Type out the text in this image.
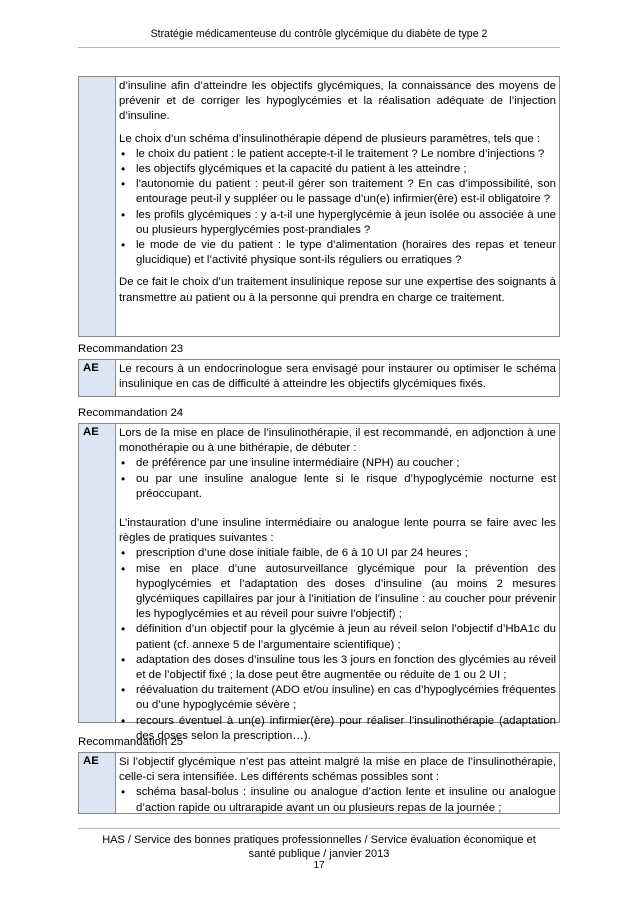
Stratégie médicamenteuse du contrôle glycémique du diabète de type 2

d’insuline afin d’atteindre les objectifs glycémiques, la connaissance des moyens de prévenir et de corriger les hypoglycémies et la réalisation adéquate de l’injection d’insuline.

Le choix d’un schéma d’insulinothérapie dépend de plusieurs paramètres, tels que :

• le choix du patient : le patient accepte-t-il le traitement ? Le nombre d’injections ?
• les objectifs glycémiques et la capacité du patient à les atteindre ;
• l’autonomie du patient : peut-il gérer son traitement ? En cas d’impossibilité, son entourage peut-il y suppléer ou le passage d’un(e) infirmier(ère) est-il obligatoire ?
• les profils glycémiques : y a-t-il une hyperglycémie à jeun isolée ou associée à une ou plusieurs hyperglycémies post-prandiales ?
• le mode de vie du patient : le type d’alimentation (horaires des repas et teneur glucidique) et l’activité physique sont-ils réguliers ou erratiques ?

De ce fait le choix d’un traitement insulinique repose sur une expertise des soignants à transmettre au patient ou à la personne qui prendra en charge ce traitement.

Recommandation 23
AE Le recours à un endocrinologue sera envisagé pour instaurer ou optimiser le schéma insulinique en cas de difficulté à atteindre les objectifs glycémiques fixés.

Recommandation 24
AE Lors de la mise en place de l’insulinothérapie, il est recommandé, en adjonction à une monothérapie ou à une bithérapie, de débuter :

• de préférence par une insuline intermédiaire (NPH) au coucher ;
• ou par une insuline analogue lente si le risque d’hypoglycémie nocturne est préoccupant.

L’instauration d’une insuline intermédiaire ou analogue lente pourra se faire avec les règles de pratiques suivantes :

• prescription d’une dose initiale faible, de 6 à 10 UI par 24 heures ;
• mise en place d’une autosurveillance glycémique pour la prévention des hypoglycémies et l’adaptation des doses d’insuline (au moins 2 mesures glycémiques capillaires par jour à l’initiation de l’insuline : au coucher pour prévenir les hypoglycémies et au réveil pour suivre l’objectif) ;
• définition d’un objectif pour la glycémie à jeun au réveil selon l’objectif d’HbA1c du patient (cf. annexe 5 de l’argumentaire scientifique) ;
• adaptation des doses d’insuline tous les 3 jours en fonction des glycémies au réveil et de l’objectif fixé ; la dose peut être augmentée ou réduite de 1 ou 2 UI ;
• réévaluation du traitement (ADO et/ou insuline) en cas d’hypoglycémies fréquentes ou d’une hypoglycémie sévère ;
• recours éventuel à un(e) infirmier(ère) pour réaliser l’insulinothérapie (adaptation des doses selon la prescription…).
Recommandation 25
AE Si l’objectif glycémique n’est pas atteint malgré la mise en place de l’insulinothérapie, celle-ci sera intensifiée. Les différents schémas possibles sont :

• schéma basal-bolus : insuline ou analogue d’action lente et insuline ou analogue d’action rapide ou ultrarapide avant un ou plusieurs repas de la journée ;
HAS / Service des bonnes pratiques professionnelles / Service évaluation économique et
santé publique / janvier 2013
17
